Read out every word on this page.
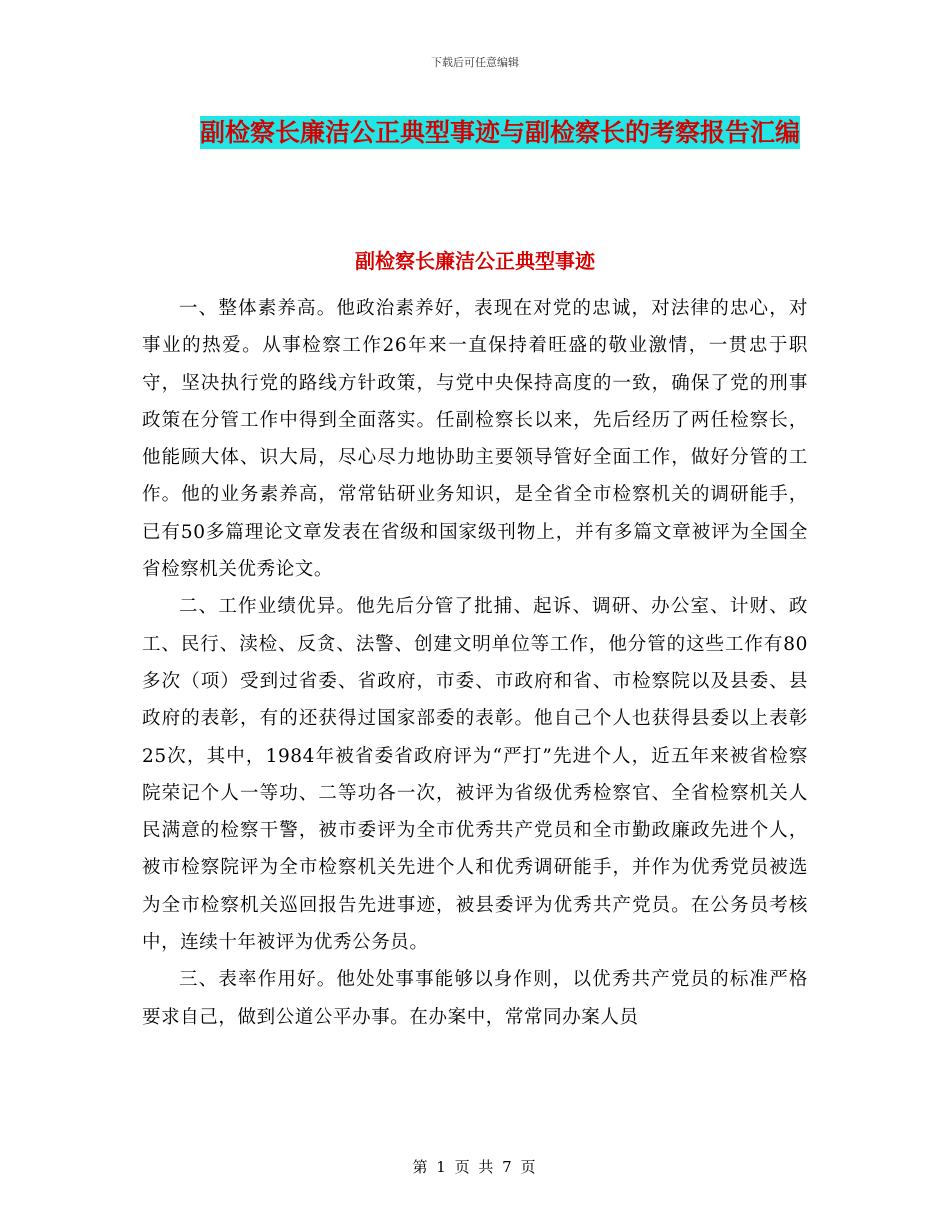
下载后可任意编辑
副检察长廉洁公正典型事迹与副检察长的考察报告汇编
副检察长廉洁公正典型事迹

一、整体素养高。他政治素养好，表现在对党的忠诚，对法律的忠心，对事业的热爱。从事检察工作26年来一直保持着旺盛的敬业激情，一贯忠于职守，坚决执行党的路线方针政策，与党中央保持高度的一致，确保了党的刑事政策在分管工作中得到全面落实。任副检察长以来，先后经历了两任检察长，他能顾大体、识大局，尽心尽力地协助主要领导管好全面工作，做好分管的工作。他的业务素养高，常常钻研业务知识，是全省全市检察机关的调研能手，已有50多篇理论文章发表在省级和国家级刊物上，并有多篇文章被评为全国全省检察机关优秀论文。

二、工作业绩优异。他先后分管了批捕、起诉、调研、办公室、计财、政工、民行、渎检、反贪、法警、创建文明单位等工作，他分管的这些工作有80多次（项）受到过省委、省政府，市委、市政府和省、市检察院以及县委、县政府的表彰，有的还获得过国家部委的表彰。他自己个人也获得县委以上表彰25次，其中，1984年被省委省政府评为“严打”先进个人，近五年来被省检察院荣记个人一等功、二等功各一次，被评为省级优秀检察官、全省检察机关人民满意的检察干警，被市委评为全市优秀共产党员和全市勤政廉政先进个人，被市检察院评为全市检察机关先进个人和优秀调研能手，并作为优秀党员被选为全市检察机关巡回报告先进事迹，被县委评为优秀共产党员。在公务员考核中，连续十年被评为优秀公务员。

三、表率作用好。他处处事事能够以身作则，以优秀共产党员的标准严格要求自己，做到公道公平办事。在办案中，常常同办案人员

第 1 页 共 7 页
